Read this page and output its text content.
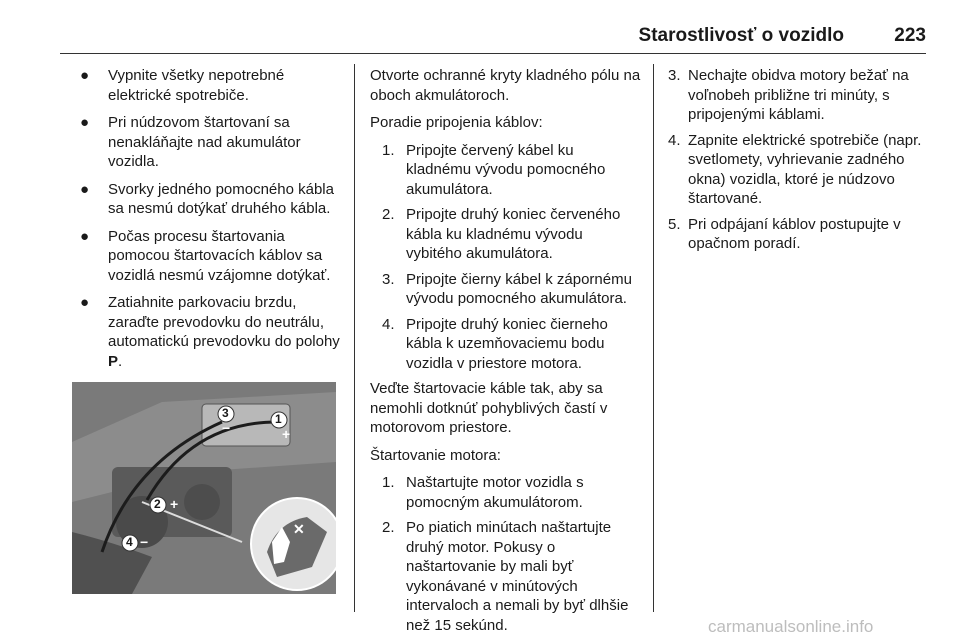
Starostlivosť o vozidlo	223
● Vypnite všetky nepotrebné elektrické spotrebiče.
● Pri núdzovom štartovaní sa nenakláňajte nad akumulátor vozidla.
● Svorky jedného pomocného kábla sa nesmú dotýkať druhého kábla.
● Počas procesu štartovania pomocou štartovacích káblov sa vozidlá nesmú vzájomne dotýkať.
● Zatiahnite parkovaciu brzdu, zaraďte prevodovku do neutrálu, automatickú prevodovku do polohy P.
✕
3	1
2
4
+
+
−
−

Otvorte ochranné kryty kladného pólu na oboch akmulátoroch.

Poradie pripojenia káblov:

1. Pripojte červený kábel ku kladnému vývodu pomocného akumulátora.
2. Pripojte druhý koniec červeného kábla ku kladnému vývodu vybitého akumulátora.
3. Pripojte čierny kábel k zápornému vývodu pomocného akumulátora.
4. Pripojte druhý koniec čierneho kábla k uzemňovaciemu bodu vozidla v priestore motora.

Veďte štartovacie káble tak, aby sa nemohli dotknúť pohyblivých častí v motorovom priestore.

Štartovanie motora:

1. Naštartujte motor vozidla s pomocným akumulátorom.
2. Po piatich minútach naštartujte druhý motor. Pokusy o naštartovanie by mali byť vykonávané v minútových intervaloch a nemali by byť dlhšie než 15 sekúnd.
3. Nechajte obidva motory bežať na voľnobeh približne tri minúty, s pripojenými káblami.
4. Zapnite elektrické spotrebiče (napr. svetlomety, vyhrievanie zadného okna) vozidla, ktoré je núdzovo štartované.
5. Pri odpájaní káblov postupujte v opačnom poradí.
carmanualsonline.info
